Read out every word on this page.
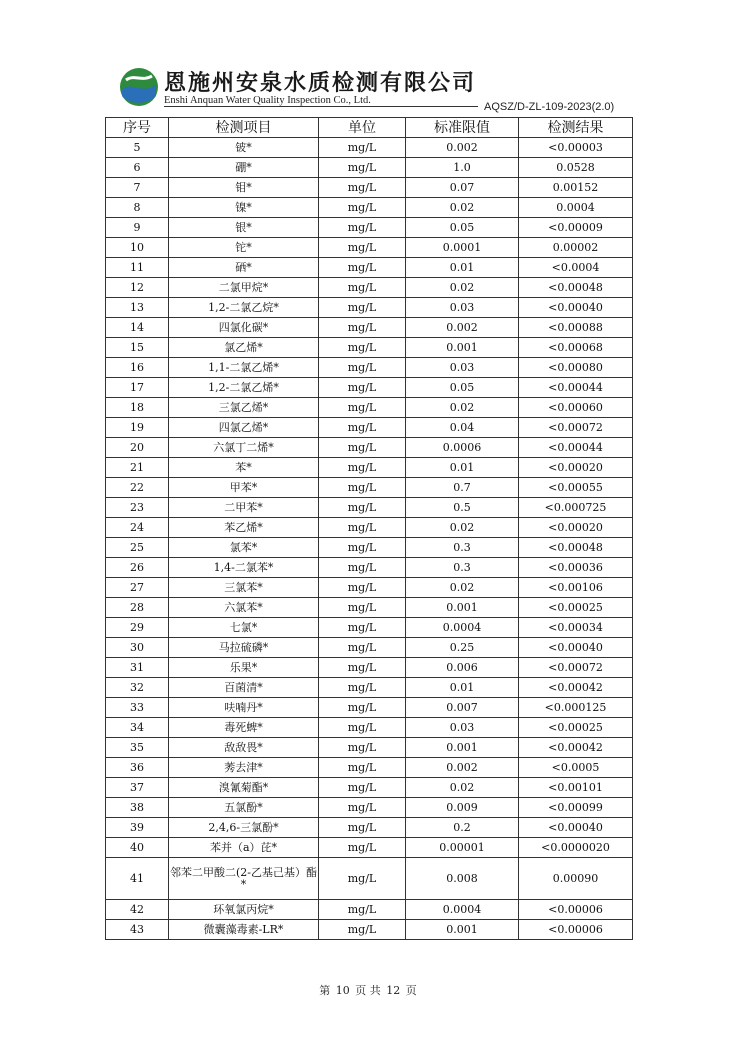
恩施州安泉水质检测有限公司
Enshi Anquan Water Quality Inspection Co., Ltd.
AQSZ/D-ZL-109-2023(2.0)
序号	检测项目	单位	标准限值	检测结果
5	铍*	mg/L	0.002	<0.00003
6	硼*	mg/L	1.0	0.0528
7	钼*	mg/L	0.07	0.00152
8	镍*	mg/L	0.02	0.0004
9	银*	mg/L	0.05	<0.00009
10	铊*	mg/L	0.0001	0.00002
11	硒*	mg/L	0.01	<0.0004
12	二氯甲烷*	mg/L	0.02	<0.00048
13	1,2-二氯乙烷*	mg/L	0.03	<0.00040
14	四氯化碳*	mg/L	0.002	<0.00088
15	氯乙烯*	mg/L	0.001	<0.00068
16	1,1-二氯乙烯*	mg/L	0.03	<0.00080
17	1,2-二氯乙烯*	mg/L	0.05	<0.00044
18	三氯乙烯*	mg/L	0.02	<0.00060
19	四氯乙烯*	mg/L	0.04	<0.00072
20	六氯丁二烯*	mg/L	0.0006	<0.00044
21	苯*	mg/L	0.01	<0.00020
22	甲苯*	mg/L	0.7	<0.00055
23	二甲苯*	mg/L	0.5	<0.000725
24	苯乙烯*	mg/L	0.02	<0.00020
25	氯苯*	mg/L	0.3	<0.00048
26	1,4-二氯苯*	mg/L	0.3	<0.00036
27	三氯苯*	mg/L	0.02	<0.00106
28	六氯苯*	mg/L	0.001	<0.00025
29	七氯*	mg/L	0.0004	<0.00034
30	马拉硫磷*	mg/L	0.25	<0.00040
31	乐果*	mg/L	0.006	<0.00072
32	百菌清*	mg/L	0.01	<0.00042
33	呋喃丹*	mg/L	0.007	<0.000125
34	毒死蜱*	mg/L	0.03	<0.00025
35	敌敌畏*	mg/L	0.001	<0.00042
36	莠去津*	mg/L	0.002	<0.0005
37	溴氰菊酯*	mg/L	0.02	<0.00101
38	五氯酚*	mg/L	0.009	<0.00099
39	2,4,6-三氯酚*	mg/L	0.2	<0.00040
40	苯并（a）芘*	mg/L	0.00001	<0.0000020
41	邻苯二甲酸二(2-乙基己基）酯*	mg/L	0.008	0.00090
42	环氧氯丙烷*	mg/L	0.0004	<0.00006
43	微囊藻毒素-LR*	mg/L	0.001	<0.00006
第 10 页 共 12 页
